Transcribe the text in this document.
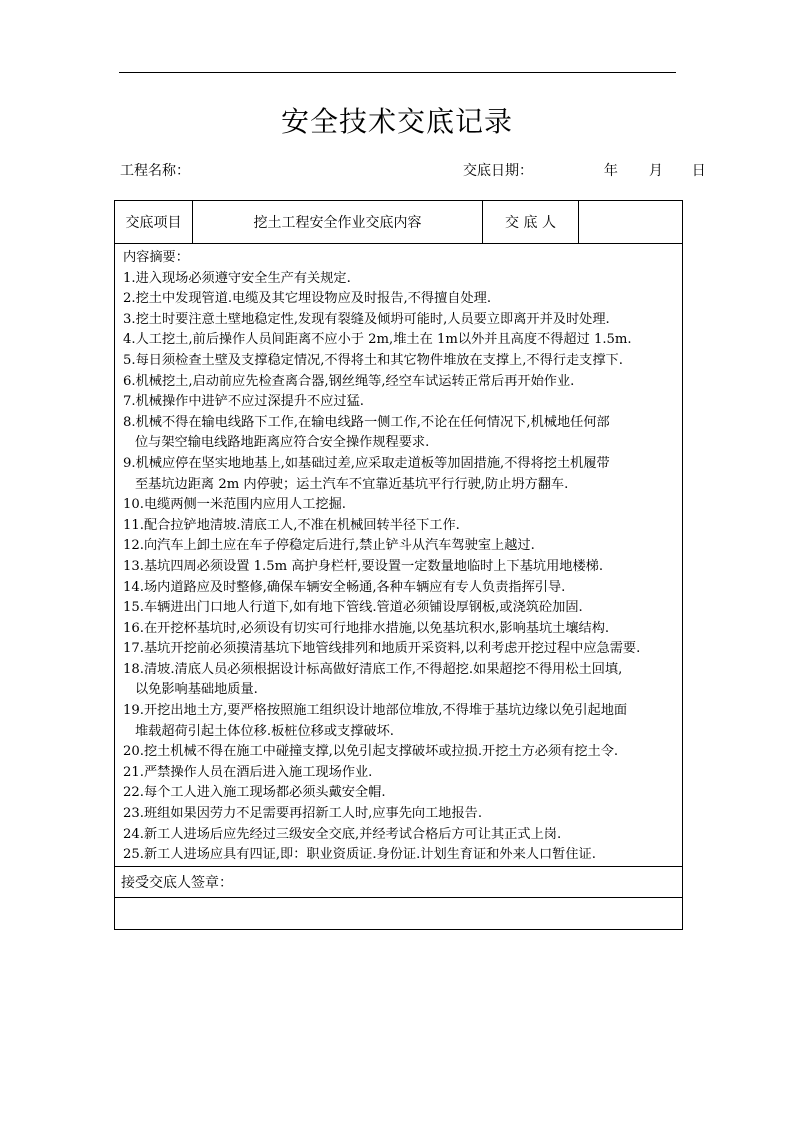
安全技术交底记录
工程名称：	交底日期：	年 月 日
交底项目	挖土工程安全作业交底内容	交 底 人	

内容摘要：
1.进入现场必须遵守安全生产有关规定.
2.挖土中发现管道.电缆及其它埋设物应及时报告,不得擅自处理.
3.挖土时要注意土壁地稳定性,发现有裂缝及倾坍可能时,人员要立即离开并及时处理.
4.人工挖土,前后操作人员间距离不应小于 2m,堆土在 1m以外并且高度不得超过 1.5m.
5.每日须检查土壁及支撑稳定情况,不得将土和其它物件堆放在支撑上,不得行走支撑下.
6.机械挖土,启动前应先检查离合器,钢丝绳等,经空车试运转正常后再开始作业.
7.机械操作中进铲不应过深提升不应过猛.
8.机械不得在输电线路下工作,在输电线路一侧工作,不论在任何情况下,机械地任何部
位与架空输电线路地距离应符合安全操作规程要求.
9.机械应停在坚实地地基上,如基础过差,应采取走道板等加固措施,不得将挖土机履带
至基坑边距离 2m 内停驶；运土汽车不宜靠近基坑平行行驶,防止坍方翻车.
10.电缆两侧一米范围内应用人工挖掘.
11.配合拉铲地清坡.清底工人,不准在机械回转半径下工作.
12.向汽车上卸土应在车子停稳定后进行,禁止铲斗从汽车驾驶室上越过.
13.基坑四周必须设置 1.5m 高护身栏杆,要设置一定数量地临时上下基坑用地楼梯.
14.场内道路应及时整修,确保车辆安全畅通,各种车辆应有专人负责指挥引导.
15.车辆进出门口地人行道下,如有地下管线.管道必须铺设厚钢板,或浇筑砼加固.
16.在开挖杯基坑时,必须设有切实可行地排水措施,以免基坑积水,影响基坑土壤结构.
17.基坑开挖前必须摸清基坑下地管线排列和地质开采资料,以利考虑开挖过程中应急需要.
18.清坡.清底人员必须根据设计标高做好清底工作,不得超挖.如果超挖不得用松土回填,
以免影响基础地质量.
19.开挖出地土方,要严格按照施工组织设计地部位堆放,不得堆于基坑边缘以免引起地面
堆载超荷引起土体位移.板桩位移或支撑破坏.
20.挖土机械不得在施工中碰撞支撑,以免引起支撑破坏或拉损.开挖土方必须有挖土令.
21.严禁操作人员在酒后进入施工现场作业.
22.每个工人进入施工现场都必须头戴安全帽.
23.班组如果因劳力不足需要再招新工人时,应事先向工地报告.
24.新工人进场后应先经过三级安全交底,并经考试合格后方可让其正式上岗.
25.新工人进场应具有四证,即：职业资质证.身份证.计划生育证和外来人口暂住证.

接受交底人签章：
